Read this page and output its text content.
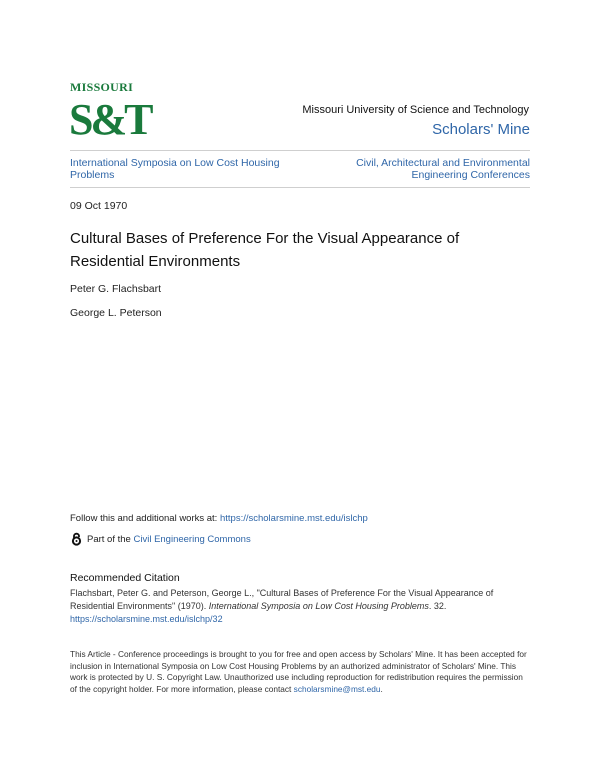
MISSOURI
S&T	Missouri University of Science and Technology
Scholars' Mine
International Symposia on Low Cost Housing Problems
Civil, Architectural and Environmental Engineering Conferences
09 Oct 1970
Cultural Bases of Preference For the Visual Appearance of Residential Environments
Peter G. Flachsbart
George L. Peterson
Follow this and additional works at: https://scholarsmine.mst.edu/islchp
Part of the
Civil Engineering Commons
Recommended Citation
Flachsbart, Peter G. and Peterson, George L., "Cultural Bases of Preference For the Visual Appearance of Residential Environments" (1970). International Symposia on Low Cost Housing Problems. 32.
https://scholarsmine.mst.edu/islchp/32
This Article - Conference proceedings is brought to you for free and open access by Scholars' Mine. It has been accepted for inclusion in International Symposia on Low Cost Housing Problems by an authorized administrator of Scholars' Mine. This work is protected by U. S. Copyright Law. Unauthorized use including reproduction for redistribution requires the permission of the copyright holder. For more information, please contact scholarsmine@mst.edu.
